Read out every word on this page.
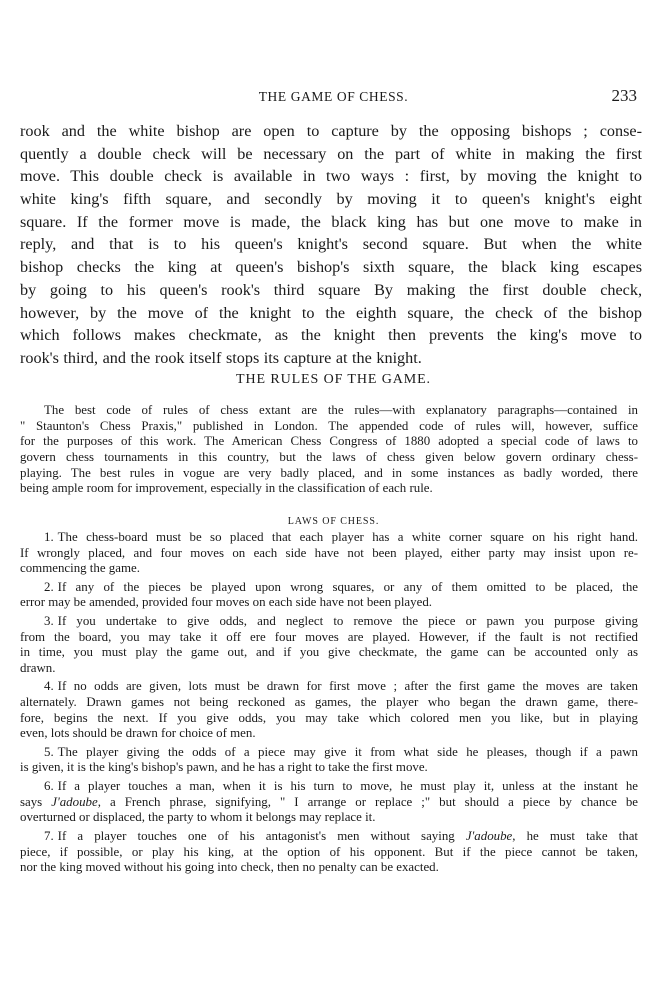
THE GAME OF CHESS.	233
rook and the white bishop are open to capture by the opposing bishops ; conse-
quently a double check will be necessary on the part of white in making the first
move. This double check is available in two ways : first, by moving the knight to
white king's fifth square, and secondly by moving it to queen's knight's eight
square. If the former move is made, the black king has but one move to make in
reply, and that is to his queen's knight's second square. But when the white
bishop checks the king at queen's bishop's sixth square, the black king escapes
by going to his queen's rook's third square By making the first double check,
however, by the move of the knight to the eighth square, the check of the bishop
which follows makes checkmate, as the knight then prevents the king's move to
rook's third, and the rook itself stops its capture at the knight.
THE RULES OF THE GAME.
The best code of rules of chess extant are the rules—with explanatory paragraphs—contained in
" Staunton's Chess Praxis," published in London. The appended code of rules will, however, suffice
for the purposes of this work. The American Chess Congress of 1880 adopted a special code of laws to
govern chess tournaments in this country, but the laws of chess given below govern ordinary chess-
playing. The best rules in vogue are very badly placed, and in some instances as badly worded, there
being ample room for improvement, especially in the classification of each rule.
LAWS OF CHESS.
1. The chess-board must be so placed that each player has a white corner square on his right hand.
If wrongly placed, and four moves on each side have not been played, either party may insist upon re-
commencing the game.
2. If any of the pieces be played upon wrong squares, or any of them omitted to be placed, the
error may be amended, provided four moves on each side have not been played.
3. If you undertake to give odds, and neglect to remove the piece or pawn you purpose giving
from the board, you may take it off ere four moves are played. However, if the fault is not rectified
in time, you must play the game out, and if you give checkmate, the game can be accounted only as
drawn.
4. If no odds are given, lots must be drawn for first move ; after the first game the moves are taken
alternately. Drawn games not being reckoned as games, the player who began the drawn game, there-
fore, begins the next. If you give odds, you may take which colored men you like, but in playing
even, lots should be drawn for choice of men.
5. The player giving the odds of a piece may give it from what side he pleases, though if a pawn
is given, it is the king's bishop's pawn, and he has a right to take the first move.
6. If a player touches a man, when it is his turn to move, he must play it, unless at the instant he
says J'adoube, a French phrase, signifying, " I arrange or replace ;" but should a piece by chance be
overturned or displaced, the party to whom it belongs may replace it.
7. If a player touches one of his antagonist's men without saying J'adoube, he must take that
piece, if possible, or play his king, at the option of his opponent. But if the piece cannot be taken,
nor the king moved without his going into check, then no penalty can be exacted.
